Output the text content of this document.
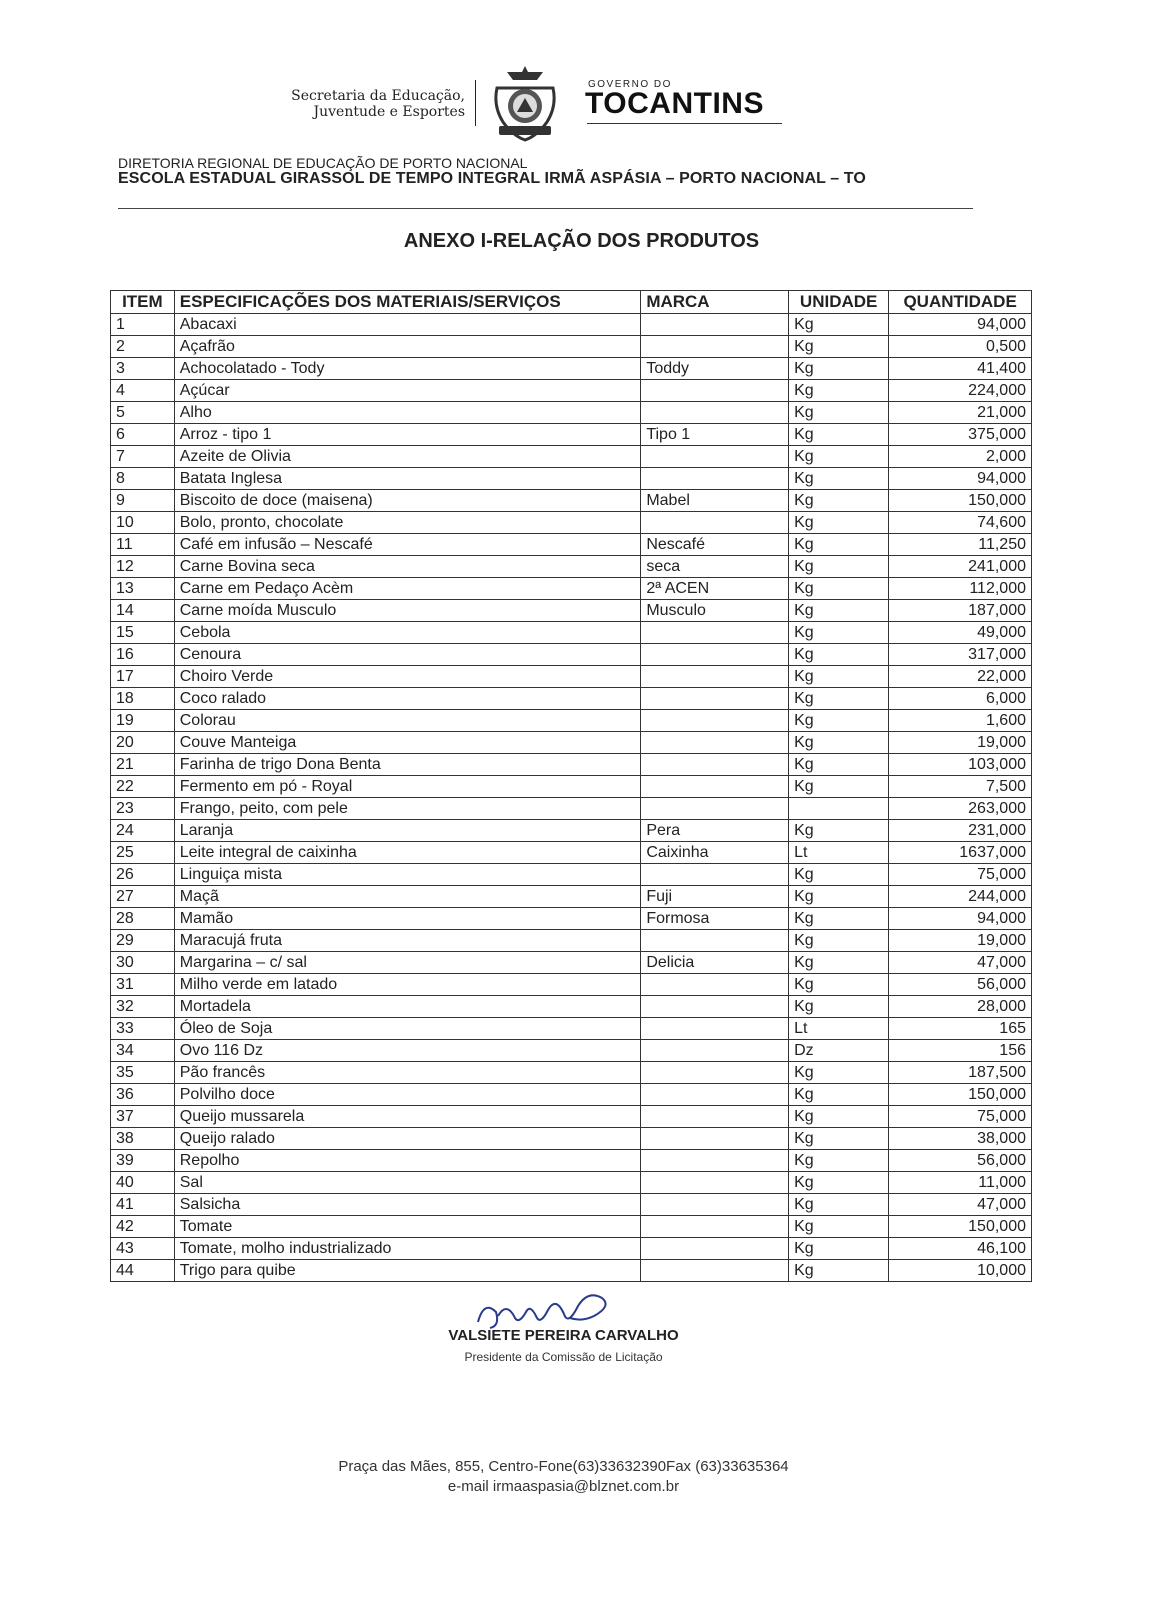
Secretaria da Educação,
Juventude e Esportes
GOVERNO DO
TOCANTINS
DIRETORIA REGIONAL DE EDUCAÇÃO DE PORTO NACIONAL
ESCOLA ESTADUAL GIRASSOL DE TEMPO INTEGRAL IRMÃ ASPÁSIA – PORTO NACIONAL – TO
ANEXO I-RELAÇÃO DOS PRODUTOS
ITEM	ESPECIFICAÇÕES DOS MATERIAIS/SERVIÇOS	MARCA	UNIDADE	QUANTIDADE
1	Abacaxi		Kg	94,000
2	Açafrão		Kg	0,500
3	Achocolatado - Tody	Toddy	Kg	41,400
4	Açúcar		Kg	224,000
5	Alho		Kg	21,000
6	Arroz - tipo 1	Tipo 1	Kg	375,000
7	Azeite de Olivia		Kg	2,000
8	Batata Inglesa		Kg	94,000
9	Biscoito de doce (maisena)	Mabel	Kg	150,000
10	Bolo, pronto, chocolate		Kg	74,600
11	Café em infusão – Nescafé	Nescafé	Kg	11,250
12	Carne Bovina seca	seca	Kg	241,000
13	Carne em Pedaço Acèm	2ª ACEN	Kg	112,000
14	Carne moída Musculo	Musculo	Kg	187,000
15	Cebola		Kg	49,000
16	Cenoura		Kg	317,000
17	Choiro Verde		Kg	22,000
18	Coco ralado		Kg	6,000
19	Colorau		Kg	1,600
20	Couve Manteiga		Kg	19,000
21	Farinha de trigo Dona Benta		Kg	103,000
22	Fermento em pó - Royal		Kg	7,500
23	Frango, peito, com pele			263,000
24	Laranja	Pera	Kg	231,000
25	Leite integral de caixinha	Caixinha	Lt	1637,000
26	Linguiça mista		Kg	75,000
27	Maçã	Fuji	Kg	244,000
28	Mamão	Formosa	Kg	94,000
29	Maracujá fruta		Kg	19,000
30	Margarina – c/ sal	Delicia	Kg	47,000
31	Milho verde em latado		Kg	56,000
32	Mortadela		Kg	28,000
33	Óleo de Soja		Lt	165
34	Ovo 116 Dz		Dz	156
35	Pão francês		Kg	187,500
36	Polvilho doce		Kg	150,000
37	Queijo mussarela		Kg	75,000
38	Queijo ralado		Kg	38,000
39	Repolho		Kg	56,000
40	Sal		Kg	11,000
41	Salsicha		Kg	47,000
42	Tomate		Kg	150,000
43	Tomate, molho industrializado		Kg	46,100
44	Trigo para quibe		Kg	10,000
VALSIETE PEREIRA CARVALHO
Presidente da Comissão de Licitação
Praça das Mães, 855, Centro-Fone(63)33632390Fax (63)33635364
e-mail irmaaspasia@blznet.com.br
